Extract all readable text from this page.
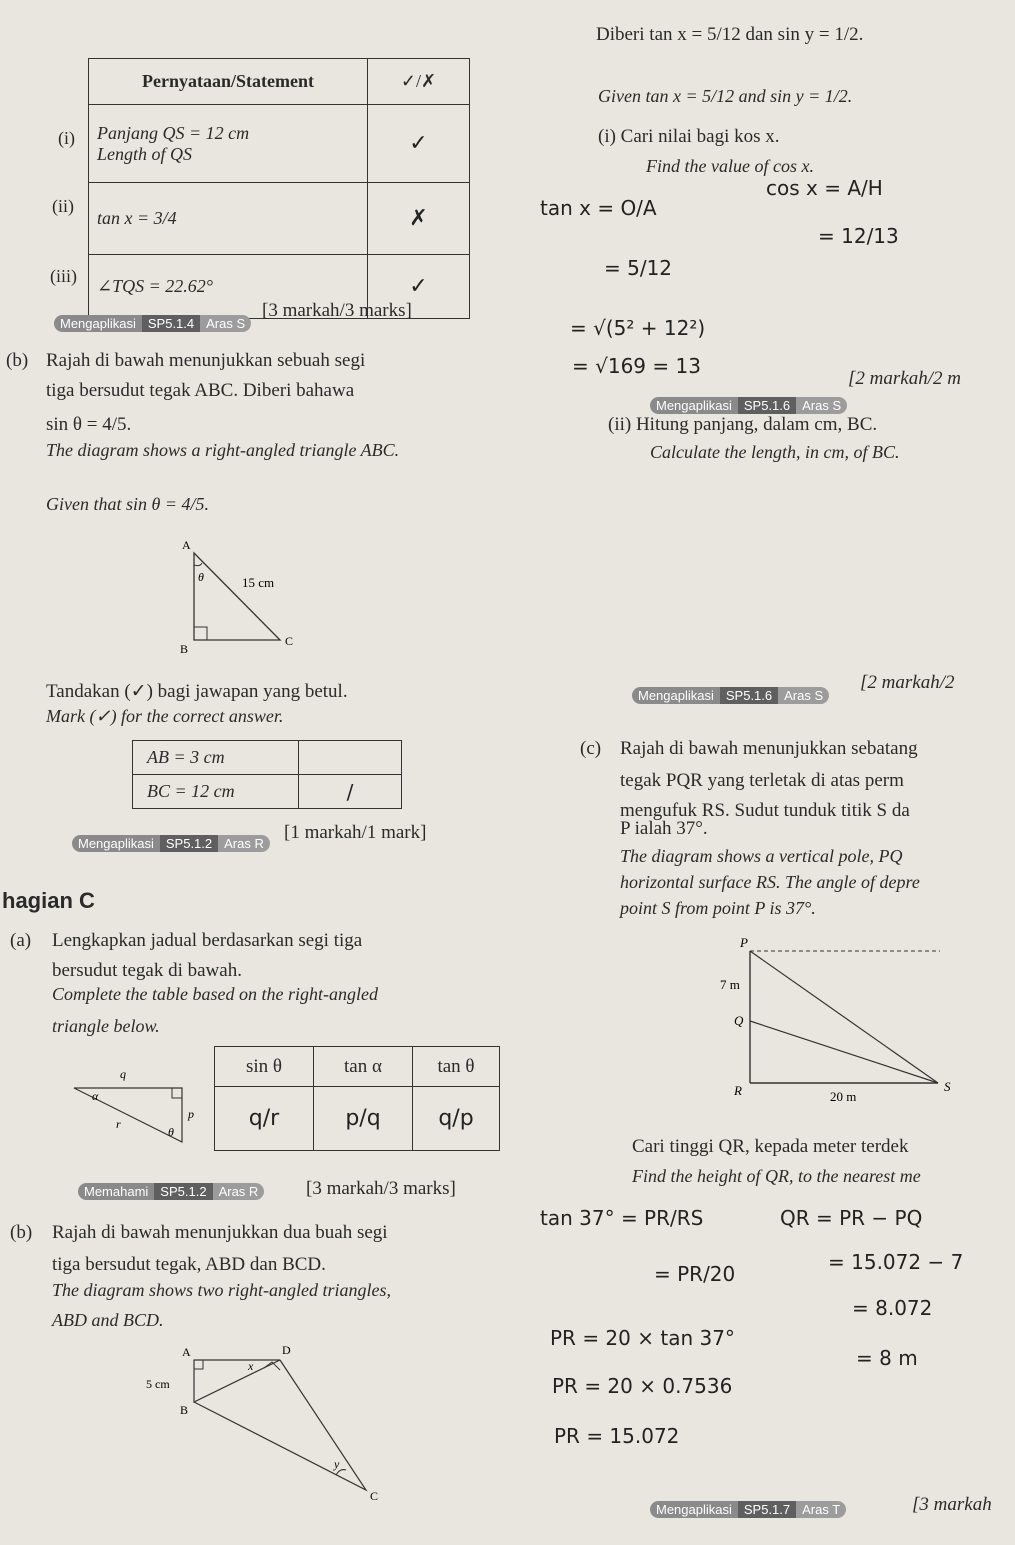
Pernyataan/Statement	✓/✗

Panjang QS = 12 cm
Length of QS	✓
tan x = 3/4	✗
∠TQS = 22.62°	✓
(i)
(ii)
(iii)
Mengaplikasi SP5.1.4 Aras S
[3 markah/3 marks]
(b) Rajah di bawah menunjukkan sebuah segi
tiga bersudut tegak ABC. Diberi bahawa
sin θ = 4/5.
The diagram shows a right-angled triangle ABC.
Given that sin θ = 4/5.
A
B
C
θ	15 cm
Tandakan (✓) bagi jawapan yang betul.
Mark (✓) for the correct answer.
AB = 3 cm	
BC = 12 cm	/
Mengaplikasi SP5.1.2 Aras R
[1 markah/1 mark]
hagian C
(a) Lengkapkan jadual berdasarkan segi tiga
bersudut tegak di bawah.
Complete the table based on the right-angled
triangle below.
q
α
r
θ
p
sin θ	tan α	tan θ
q/r	p/q	q/p
Memahami SP5.1.2 Aras R	[3 markah/3 marks]
(b) Rajah di bawah menunjukkan dua buah segi
tiga bersudut tegak, ABD dan BCD.
The diagram shows two right-angled triangles,
ABD and BCD.
A	D
B
C
x
y
5 cm
Diberi tan x = 5/12 dan sin y = 1/2.
Given tan x = 5/12 and sin y = 1/2.
(i) Cari nilai bagi kos x.
Find the value of cos x.
tan x = O/A
= 5/12
= √(5² + 12²)
= √169 = 13
cos x = A/H
= 12/13
Mengaplikasi SP5.1.6 Aras S
[2 markah/2 m
(ii) Hitung panjang, dalam cm, BC.
Calculate the length, in cm, of BC.
Mengaplikasi SP5.1.6 Aras S
[2 markah/2
(c) Rajah di bawah menunjukkan sebatang
tegak PQR yang terletak di atas perm
mengufuk RS. Sudut tunduk titik S da
P ialah 37°.
The diagram shows a vertical pole, PQ
horizontal surface RS. The angle of depre
point S from point P is 37°.
P
Q
R	S
7 m
20 m
Cari tinggi QR, kepada meter terdek
Find the height of QR, to the nearest me
tan 37° = PR/RS
= PR/20
PR = 20 × tan 37°
PR = 20 × 0.7536
PR = 15.072
QR = PR − PQ
= 15.072 − 7
= 8.072
= 8 m
Mengaplikasi SP5.1.7 Aras T	[3 markah
